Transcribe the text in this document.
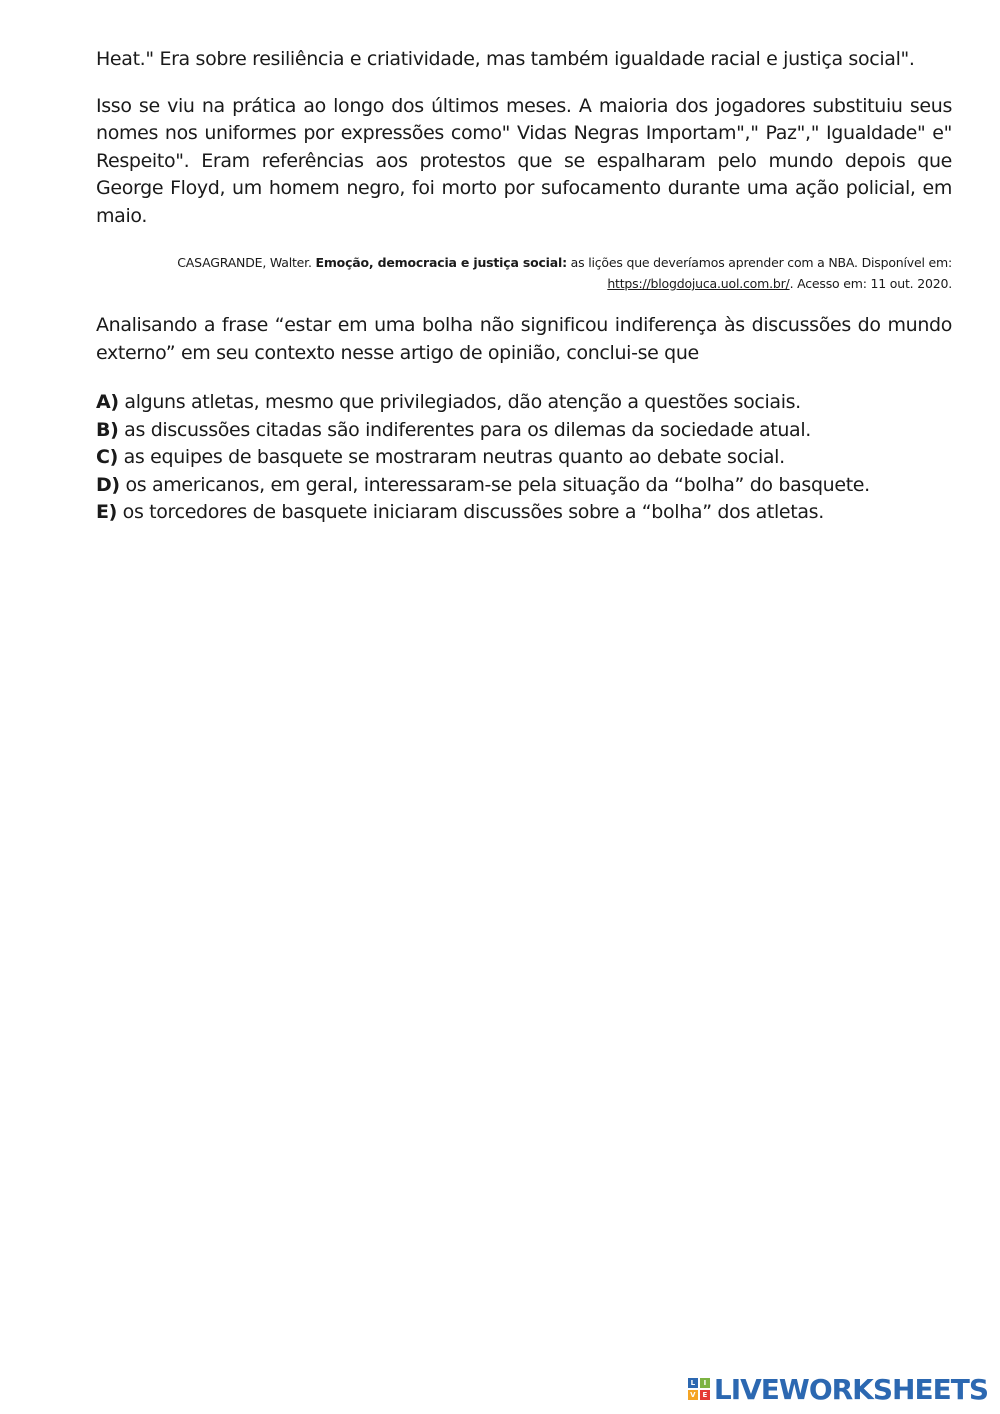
Heat." Era sobre resiliência e criatividade, mas também igualdade racial e justiça social".

Isso se viu na prática ao longo dos últimos meses. A maioria dos jogadores substituiu seus nomes nos uniformes por expressões como" Vidas Negras Importam"," Paz"," Igualdade" e" Respeito". Eram referências aos protestos que se espalharam pelo mundo depois que George Floyd, um homem negro, foi morto por sufocamento durante uma ação policial, em maio.

CASAGRANDE, Walter. Emoção, democracia e justiça social: as lições que deveríamos aprender com a NBA. Disponível em:
https://blogdojuca.uol.com.br/. Acesso em: 11 out. 2020.

Analisando a frase “estar em uma bolha não significou indiferença às discussões do mundo externo” em seu contexto nesse artigo de opinião, conclui-se que

A) alguns atletas, mesmo que privilegiados, dão atenção a questões sociais.
B) as discussões citadas são indiferentes para os dilemas da sociedade atual.
C) as equipes de basquete se mostraram neutras quanto ao debate social.
D) os americanos, em geral, interessaram-se pela situação da “bolha” do basquete.
E) os torcedores de basquete iniciaram discussões sobre a “bolha” dos atletas.
L	I
V E LIVEWORKSHEETS
